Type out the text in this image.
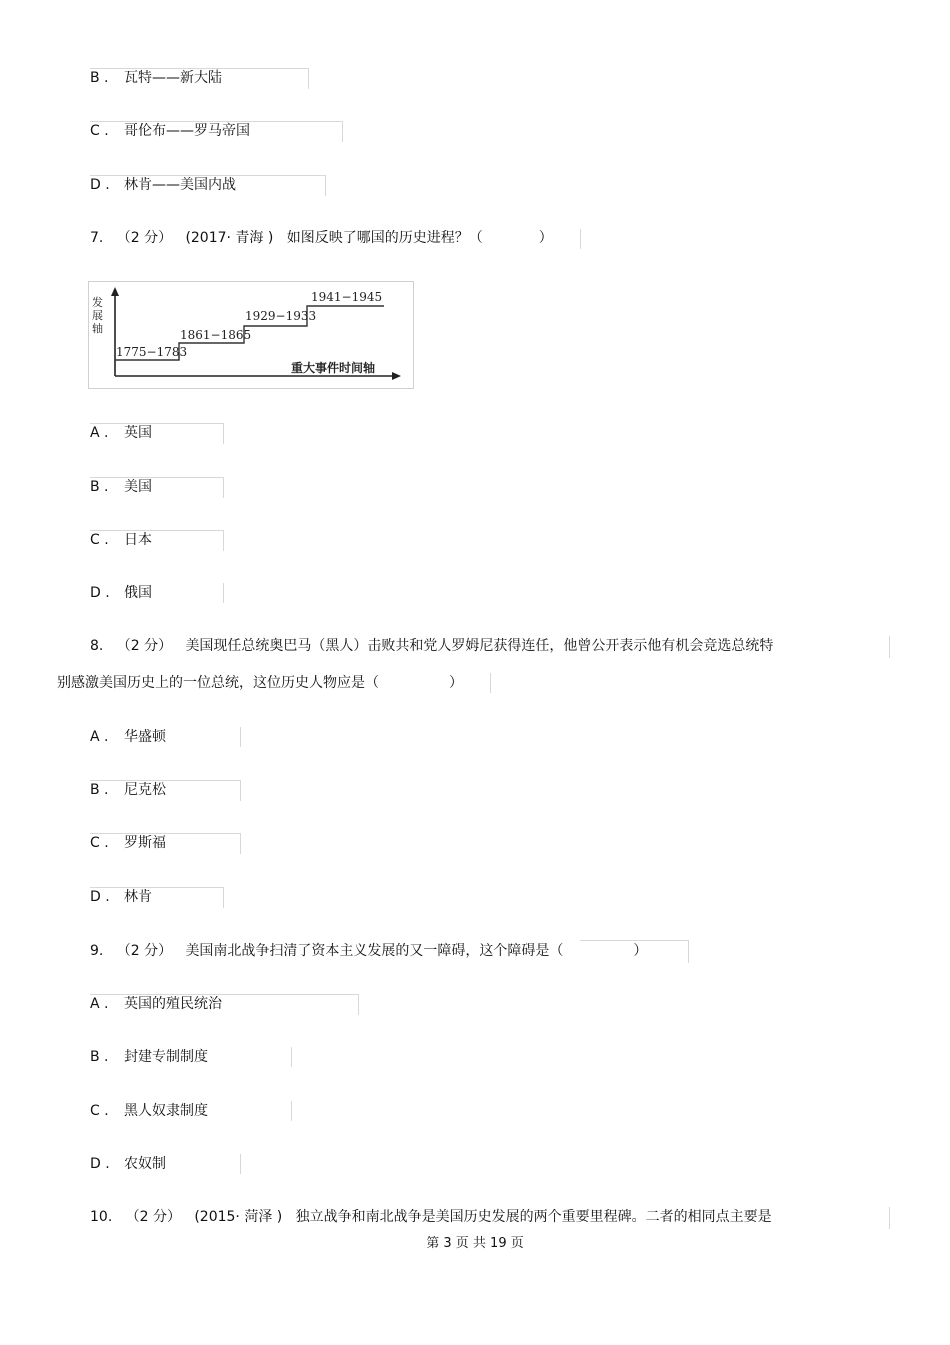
B . 瓦特——新大陆
C . 哥伦布——罗马帝国
D . 林肯——美国内战
7. （2 分） (2017· 青海 ) 如图反映了哪国的历史进程？（　　　　）
发
展
轴
1775−1783
1861−1865
1929−1933
1941−1945
重大事件时间轴
A . 英国
B . 美国
C . 日本
D . 俄国
8. （2 分） 美国现任总统奥巴马（黑人）击败共和党人罗姆尼获得连任，他曾公开表示他有机会竞选总统特
别感激美国历史上的一位总统，这位历史人物应是（　　　　　）
A . 华盛顿
B . 尼克松
C . 罗斯福
D . 林肯
9. （2 分） 美国南北战争扫清了资本主义发展的又一障碍，这个障碍是（　　　　　）
A . 英国的殖民统治
B . 封建专制制度
C . 黑人奴隶制度
D . 农奴制
10. （2 分） (2015· 菏泽 ) 独立战争和南北战争是美国历史发展的两个重要里程碑。二者的相同点主要是
第 3 页 共 19 页
